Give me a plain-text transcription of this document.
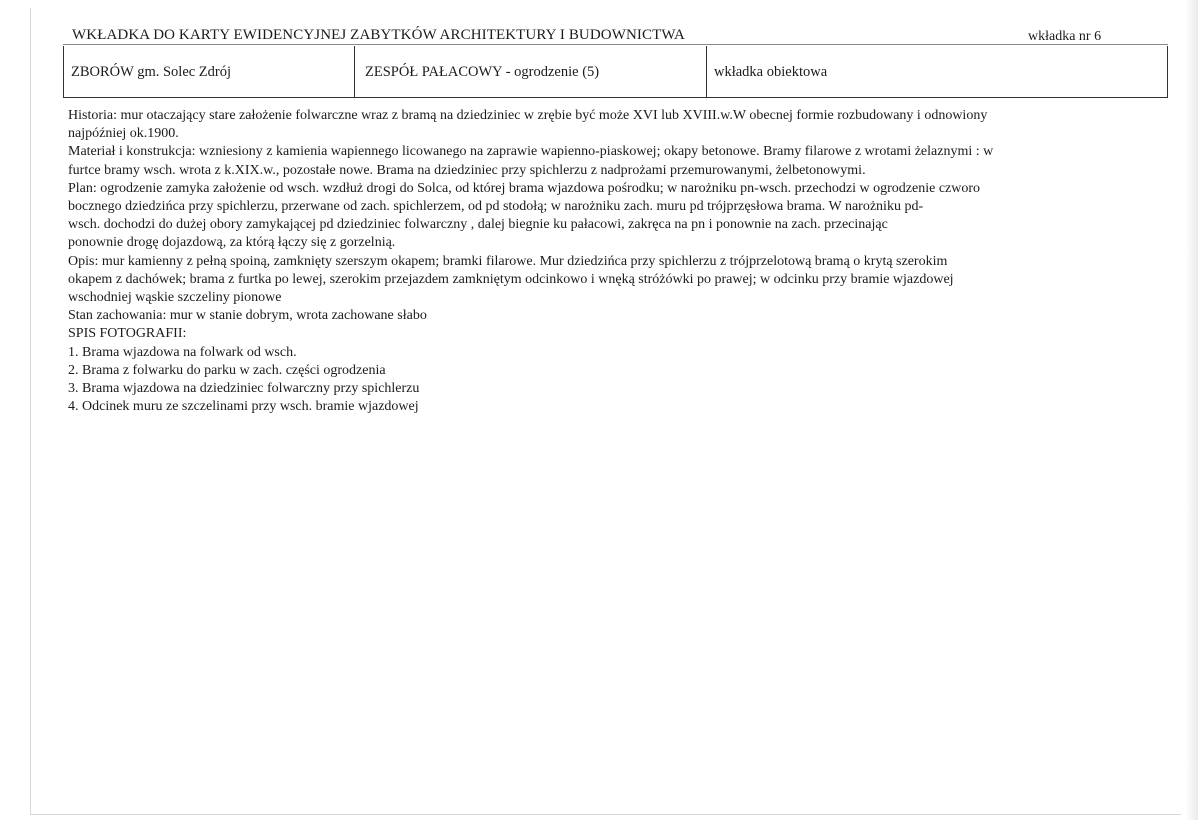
WKŁADKA DO KARTY EWIDENCYJNEJ ZABYTKÓW ARCHITEKTURY I BUDOWNICTWA	wkładka nr 6
ZBORÓW gm. Solec Zdrój	ZESPÓŁ PAŁACOWY - ogrodzenie (5)	wkładka obiektowa
Historia: mur otaczający stare założenie folwarczne wraz z bramą na dziedziniec w zrębie być może XVI lub XVIII.w.W obecnej formie rozbudowany i odnowiony
najpóźniej ok.1900.
Materiał i konstrukcja: wzniesiony z kamienia wapiennego licowanego na zaprawie wapienno-piaskowej; okapy betonowe. Bramy filarowe z wrotami żelaznymi : w
furtce bramy wsch. wrota z k.XIX.w., pozostałe nowe. Brama na dziedziniec przy spichlerzu z nadprożami przemurowanymi, żelbetonowymi.
Plan: ogrodzenie zamyka założenie od wsch. wzdłuż drogi do Solca, od której brama wjazdowa pośrodku; w narożniku pn-wsch. przechodzi w ogrodzenie czworo
bocznego dziedzińca przy spichlerzu, przerwane od zach. spichlerzem, od pd stodołą; w narożniku zach. muru pd trójprzęsłowa brama. W narożniku pd-
wsch. dochodzi do dużej obory zamykającej pd dziedziniec folwarczny , dalej biegnie ku pałacowi, zakręca na pn i ponownie na zach. przecinając
ponownie drogę dojazdową, za którą łączy się z gorzelnią.
Opis: mur kamienny z pełną spoiną, zamknięty szerszym okapem; bramki filarowe. Mur dziedzińca przy spichlerzu z trójprzelotową bramą o krytą szerokim
okapem z dachówek; brama z furtka po lewej, szerokim przejazdem zamkniętym odcinkowo i wnęką stróżówki po prawej; w odcinku przy bramie wjazdowej
wschodniej wąskie szczeliny pionowe
Stan zachowania: mur w stanie dobrym, wrota zachowane słabo
SPIS FOTOGRAFII:
1. Brama wjazdowa na folwark od wsch.
2. Brama z folwarku do parku w zach. części ogrodzenia
3. Brama wjazdowa na dziedziniec folwarczny przy spichlerzu
4. Odcinek muru ze szczelinami przy wsch. bramie wjazdowej
